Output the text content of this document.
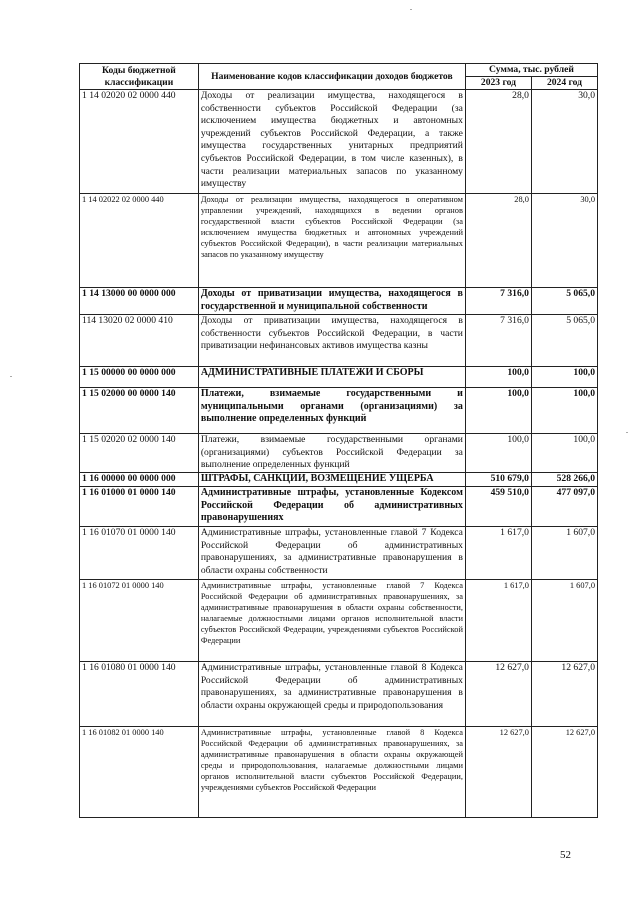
Коды бюджетной классификации	Наименование кодов классификации доходов бюджетов	Сумма, тыс. рублей	
		2023 год	2024 год
1 14 02020 02 0000 440	Доходы от реализации имущества, находящегося в собственности субъектов Российской Федерации (за исключением имущества бюджетных и автономных учреждений субъектов Российской Федерации, а также имущества государственных унитарных предприятий субъектов Российской Федерации, в том числе казенных), в части реализации материальных запасов по указанному имуществу	28,0	30,0
1 14 02022 02 0000 440	Доходы от реализации имущества, находящегося в оперативном управлении учреждений, находящихся в ведении органов государственной власти субъектов Российской Федерации (за исключением имущества бюджетных и автономных учреждений субъектов Российской Федерации), в части реализации материальных запасов по указанному имуществу	28,0	30,0
1 14 13000 00 0000 000	Доходы от приватизации имущества, находящегося в государственной и муниципальной собственности	7 316,0	5 065,0
114 13020 02 0000 410	Доходы от приватизации имущества, находящегося в собственности субъектов Российской Федерации, в части приватизации нефинансовых активов имущества казны	7 316,0	5 065,0
1 15 00000 00 0000 000	АДМИНИСТРАТИВНЫЕ ПЛАТЕЖИ И СБОРЫ	100,0	100,0
1 15 02000 00 0000 140	Платежи, взимаемые государственными и муниципальными органами (организациями) за выполнение определенных функций	100,0	100,0
1 15 02020 02 0000 140	Платежи, взимаемые государственными органами (организациями) субъектов Российской Федерации за выполнение определенных функций	100,0	100,0
1 16 00000 00 0000 000	ШТРАФЫ, САНКЦИИ, ВОЗМЕЩЕНИЕ УЩЕРБА	510 679,0	528 266,0
1 16 01000 01 0000 140	Административные штрафы, установленные Кодексом Российской Федерации об административных правонарушениях	459 510,0	477 097,0
1 16 01070 01 0000 140	Административные штрафы, установленные главой 7 Кодекса Российской Федерации об административных правонарушениях, за административные правонарушения в области охраны собственности	1 617,0	1 607,0
1 16 01072 01 0000 140	Административные штрафы, установленные главой 7 Кодекса Российской Федерации об административных правонарушениях, за административные правонарушения в области охраны собственности, налагаемые должностными лицами органов исполнительной власти субъектов Российской Федерации, учреждениями субъектов Российской Федерации	1 617,0	1 607,0
1 16 01080 01 0000 140	Административные штрафы, установленные главой 8 Кодекса Российской Федерации об административных правонарушениях, за административные правонарушения в области охраны окружающей среды и природопользования	12 627,0	12 627,0
1 16 01082 01 0000 140	Административные штрафы, установленные главой 8 Кодекса Российской Федерации об административных правонарушениях, за административные правонарушения в области охраны окружающей среды и природопользования, налагаемые должностными лицами органов исполнительной власти субъектов Российской Федерации, учреждениями субъектов Российской Федерации	12 627,0	12 627,0
52
